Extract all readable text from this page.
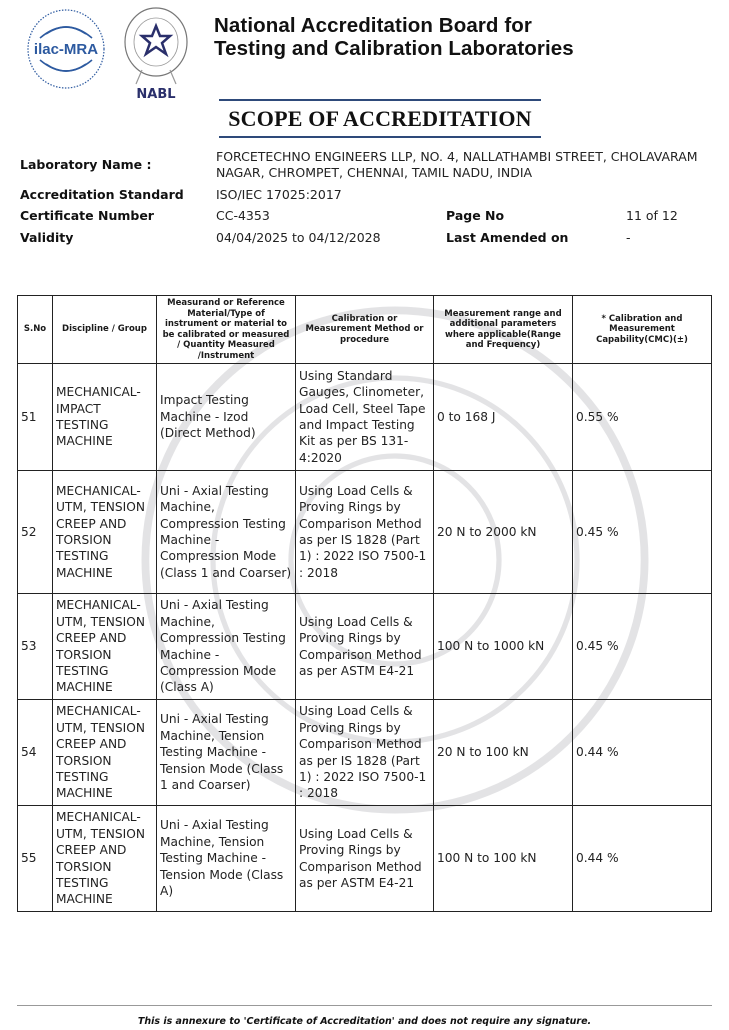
ilac-MRA
NABL
National Accreditation Board for
Testing and Calibration Laboratories
SCOPE OF ACCREDITATION
Laboratory Name :
FORCETECHNO ENGINEERS LLP, NO. 4, NALLATHAMBI STREET, CHOLAVARAM
NAGAR, CHROMPET, CHENNAI, TAMIL NADU, INDIA
Accreditation Standard	ISO/IEC 17025:2017
Certificate Number	CC-4353	Page No	11 of 12
Validity	04/04/2025 to 04/12/2028	Last Amended on	-
S.No	Discipline / Group	Measurand or Reference Material/Type of instrument or material to be calibrated or measured / Quantity Measured /Instrument	Calibration or Measurement Method or procedure	Measurement range and additional parameters where applicable(Range and Frequency)	* Calibration and Measurement Capability(CMC)(±)
51	MECHANICAL- IMPACT TESTING MACHINE	Impact Testing Machine - Izod (Direct Method)	Using Standard Gauges, Clinometer, Load Cell, Steel Tape and Impact Testing Kit as per BS 131-4:2020	0 to 168 J	0.55 %
52	MECHANICAL- UTM, TENSION CREEP AND TORSION TESTING MACHINE	Uni - Axial Testing Machine, Compression Testing Machine - Compression Mode (Class 1 and Coarser)	Using Load Cells & Proving Rings by Comparison Method as per IS 1828 (Part 1) : 2022 ISO 7500-1 : 2018	20 N to 2000 kN	0.45 %
53	MECHANICAL- UTM, TENSION CREEP AND TORSION TESTING MACHINE	Uni - Axial Testing Machine, Compression Testing Machine - Compression Mode (Class A)	Using Load Cells & Proving Rings by Comparison Method as per ASTM E4-21	100 N to 1000 kN	0.45 %
54	MECHANICAL- UTM, TENSION CREEP AND TORSION TESTING MACHINE	Uni - Axial Testing Machine, Tension Testing Machine - Tension Mode (Class 1 and Coarser)	Using Load Cells & Proving Rings by Comparison Method as per IS 1828 (Part 1) : 2022 ISO 7500-1 : 2018	20 N to 100 kN	0.44 %
55	MECHANICAL- UTM, TENSION CREEP AND TORSION TESTING MACHINE	Uni - Axial Testing Machine, Tension Testing Machine - Tension Mode (Class A)	Using Load Cells & Proving Rings by Comparison Method as per ASTM E4-21	100 N to 100 kN	0.44 %
This is annexure to 'Certificate of Accreditation' and does not require any signature.
